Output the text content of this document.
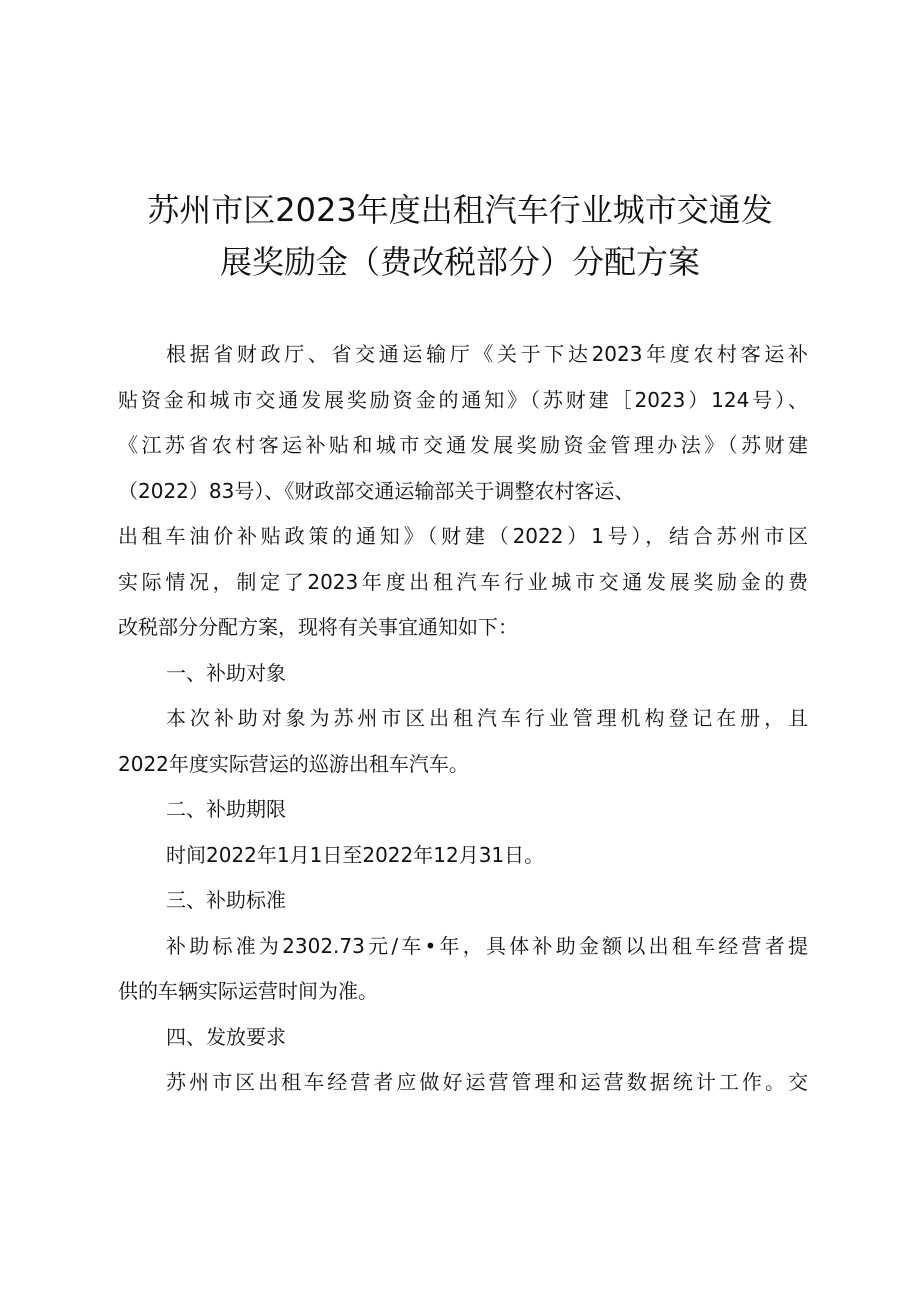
苏州市区2023年度出租汽车行业城市交通发
展奖励金（费改税部分）分配方案
根据省财政厅、省交通运输厅《关于下达2023年度农村客运补
贴资金和城市交通发展奖励资金的通知》（苏财建［2023）124号）、
《江苏省农村客运补贴和城市交通发展奖励资金管理办法》（苏财建
（2022）83号）、《财政部交通运输部关于调整农村客运、
出租车油价补贴政策的通知》（财建（2022）1号），结合苏州市区
实际情况，制定了2023年度出租汽车行业城市交通发展奖励金的费
改税部分分配方案，现将有关事宜通知如下：
一、补助对象
本次补助对象为苏州市区出租汽车行业管理机构登记在册，且
2022年度实际营运的巡游出租车汽车。
二、补助期限
时间2022年1月1日至2022年12月31日。
三、补助标准
补助标准为2302.73元/车•年，具体补助金额以出租车经营者提
供的车辆实际运营时间为准。
四、发放要求
苏州市区出租车经营者应做好运营管理和运营数据统计工作。交
